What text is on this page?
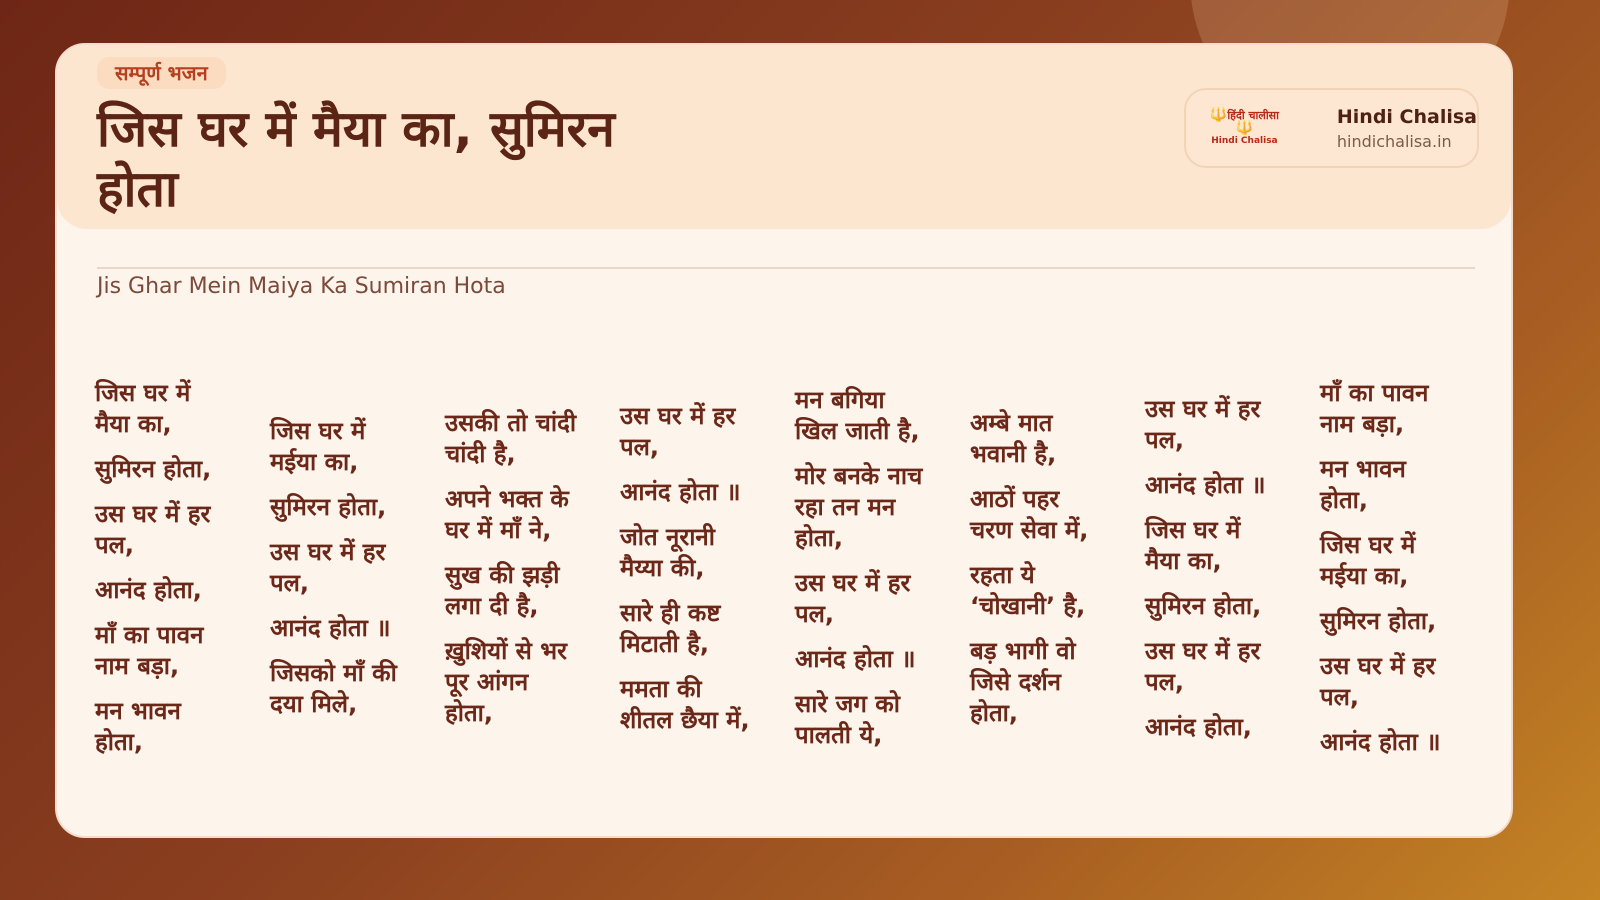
सम्पूर्ण भजन
जिस घर में मैया का, सुमिरन होता
🔱हिंदी चालीसा🔱
Hindi Chalisa
Hindi Chalisa
hindichalisa.in
Jis Ghar Mein Maiya Ka Sumiran Hota
जिस घर में मैया का,
सुमिरन होता,
उस घर में हर पल,
आनंद होता,
माँ का पावन नाम बड़ा,
मन भावन होता,
जिस घर में मईया का,
सुमिरन होता,
उस घर में हर पल,
आनंद होता ॥
जिसको माँ की दया मिले,
उसकी तो चांदी चांदी है,
अपने भक्त के घर में माँ ने,
सुख की झड़ी लगा दी है,
ख़ुशियों से भर पूर आंगन होता,
उस घर में हर पल,
आनंद होता ॥
जोत नूरानी मैय्या की,
सारे ही कष्ट मिटाती है,
ममता की शीतल छैया में,
मन बगिया खिल जाती है,
मोर बनके नाच रहा तन मन होता,
उस घर में हर पल,
आनंद होता ॥
सारे जग को पालती ये,
अम्बे मात भवानी है,
आठों पहर चरण सेवा में,
रहता ये ‘चोखानी’ है,
बड़ भागी वो जिसे दर्शन होता,
उस घर में हर पल,
आनंद होता ॥
जिस घर में मैया का,
सुमिरन होता,
उस घर में हर पल,
आनंद होता,
माँ का पावन नाम बड़ा,
मन भावन होता,
जिस घर में मईया का,
सुमिरन होता,
उस घर में हर पल,
आनंद होता ॥
